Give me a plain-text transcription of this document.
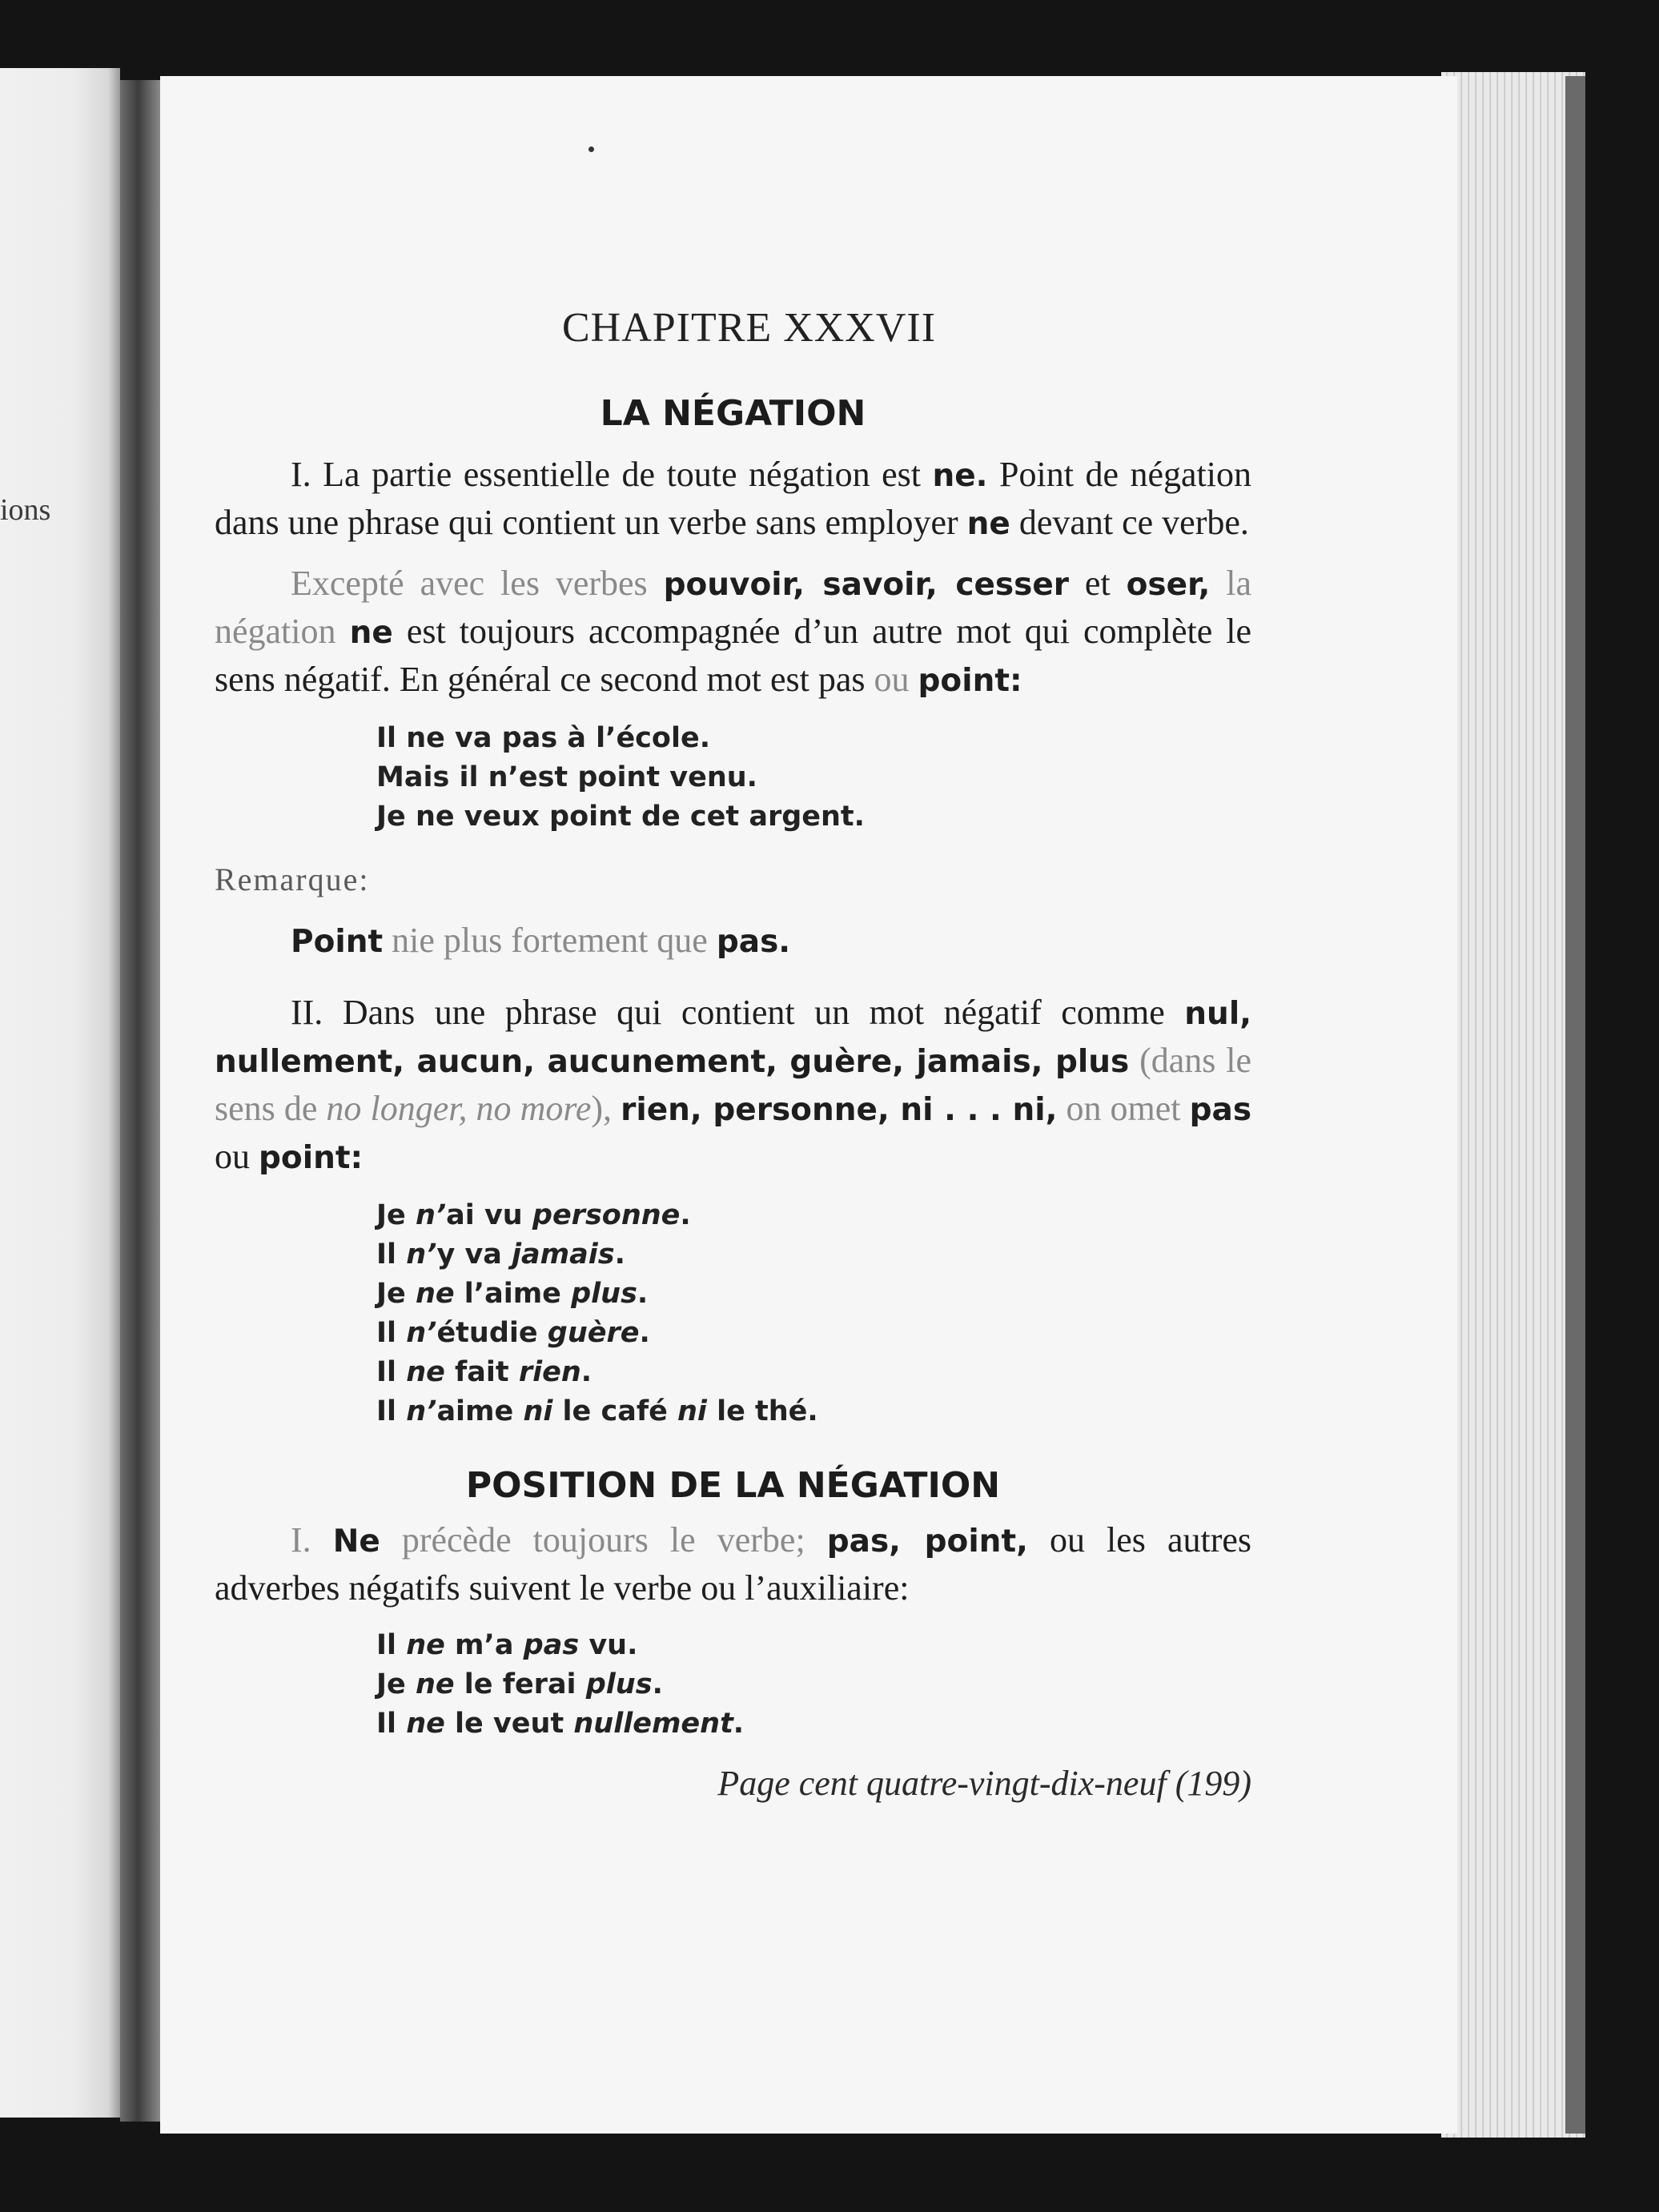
ions
CHAPITRE XXXVII
LA NÉGATION

I. La partie essentielle de toute négation est ne. Point de négation dans une phrase qui contient un verbe sans employer ne devant ce verbe.

Excepté avec les verbes pouvoir, savoir, cesser et oser, la négation ne est toujours accompagnée d’un autre mot qui complète le sens négatif. En général ce second mot est pas ou point:

Il ne va pas à l’école.
Mais il n’est point venu.
Je ne veux point de cet argent.
Remarque:
Point nie plus fortement que pas.

II. Dans une phrase qui contient un mot négatif comme nul, nullement, aucun, aucunement, guère, jamais, plus (dans le sens de no longer, no more), rien, personne, ni . . . ni, on omet pas ou point:

Je n’ai vu personne.
Il n’y va jamais.
Je ne l’aime plus.
Il n’étudie guère.
Il ne fait rien.
Il n’aime ni le café ni le thé.
POSITION DE LA NÉGATION

I. Ne précède toujours le verbe; pas, point, ou les autres adverbes négatifs suivent le verbe ou l’auxiliaire:

Il ne m’a pas vu.
Je ne le ferai plus.
Il ne le veut nullement.
Page cent quatre-vingt-dix-neuf (199)
